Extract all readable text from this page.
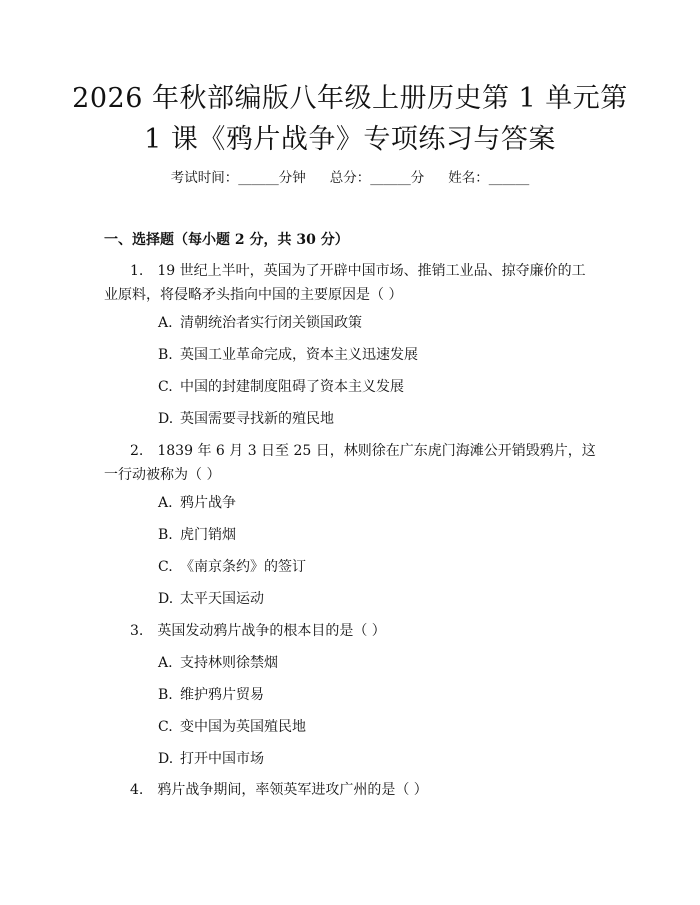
2026 年秋部编版八年级上册历史第 1 单元第 1 课《鸦片战争》专项练习与答案
考试时间：______分钟 总分：______分 姓名：______
一、选择题（每小题 2 分，共 30 分）
1. 19 世纪上半叶，英国为了开辟中国市场、推销工业品、掠夺廉价的工业原料，将侵略矛头指向中国的主要原因是（ ）
A. 清朝统治者实行闭关锁国政策
B. 英国工业革命完成，资本主义迅速发展
C. 中国的封建制度阻碍了资本主义发展
D. 英国需要寻找新的殖民地
2. 1839 年 6 月 3 日至 25 日，林则徐在广东虎门海滩公开销毁鸦片，这一行动被称为（ ）
A. 鸦片战争
B. 虎门销烟
C. 《南京条约》的签订
D. 太平天国运动
3. 英国发动鸦片战争的根本目的是（ ）
A. 支持林则徐禁烟
B. 维护鸦片贸易
C. 变中国为英国殖民地
D. 打开中国市场
4. 鸦片战争期间，率领英军进攻广州的是（ ）
